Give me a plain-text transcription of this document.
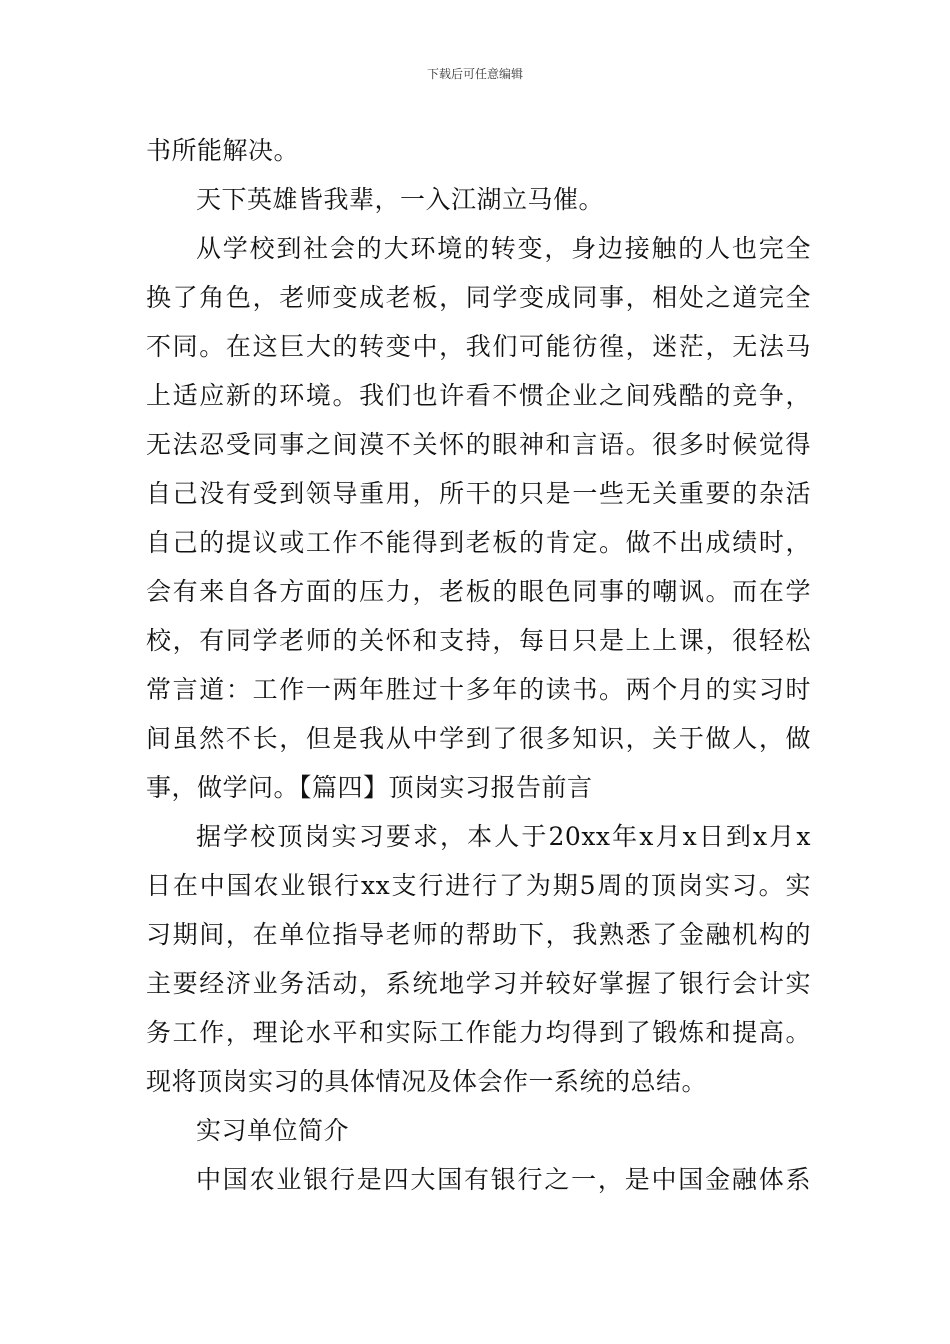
下载后可任意编辑
书所能解决。
天下英雄皆我辈，一入江湖立马催。
从学校到社会的大环境的转变，身边接触的人也完全
换了角色，老师变成老板，同学变成同事，相处之道完全
不同。在这巨大的转变中，我们可能彷徨，迷茫，无法马
上适应新的环境。我们也许看不惯企业之间残酷的竞争，
无法忍受同事之间漠不关怀的眼神和言语。很多时候觉得
自己没有受到领导重用，所干的只是一些无关重要的杂活
自己的提议或工作不能得到老板的肯定。做不出成绩时，
会有来自各方面的压力，老板的眼色同事的嘲讽。而在学
校，有同学老师的关怀和支持，每日只是上上课，很轻松
常言道：工作一两年胜过十多年的读书。两个月的实习时
间虽然不长，但是我从中学到了很多知识，关于做人，做
事，做学问。【篇四】顶岗实习报告前言
据学校顶岗实习要求，本人于20xx年x月x日到x月x
日在中国农业银行xx支行进行了为期5周的顶岗实习。实
习期间，在单位指导老师的帮助下，我熟悉了金融机构的
主要经济业务活动，系统地学习并较好掌握了银行会计实
务工作，理论水平和实际工作能力均得到了锻炼和提高。
现将顶岗实习的具体情况及体会作一系统的总结。
实习单位简介
中国农业银行是四大国有银行之一，是中国金融体系
